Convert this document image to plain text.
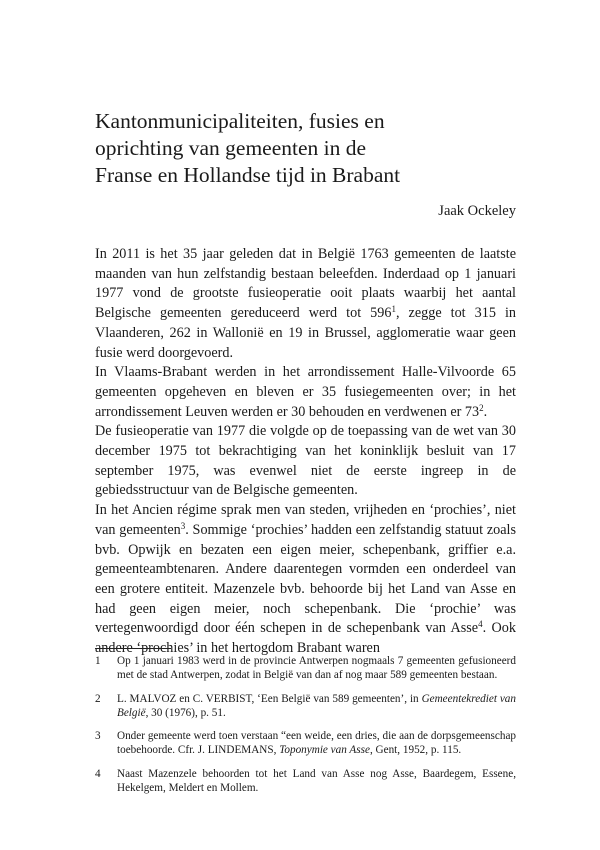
Kantonmunicipaliteiten, fusies en oprichting van gemeenten in de Franse en Hollandse tijd in Brabant
Jaak Ockeley

In 2011 is het 35 jaar geleden dat in België 1763 gemeenten de laatste maanden van hun zelfstandig bestaan beleefden. Inderdaad op 1 januari 1977 vond de grootste fusieoperatie ooit plaats waarbij het aantal Belgische gemeenten gereduceerd werd tot $596^1$, zegge tot 315 in Vlaanderen, 262 in Wallonië en 19 in Brussel, agglomeratie waar geen fusie werd doorgevoerd.

In Vlaams-Brabant werden in het arrondissement Halle-Vilvoorde 65 gemeenten opgeheven en bleven er 35 fusiegemeenten over; in het arrondissement Leuven werden er 30 behouden en verdwenen er $73^2$.

De fusieoperatie van 1977 die volgde op de toepassing van de wet van 30 december 1975 tot bekrachtiging van het koninklijk besluit van 17 september 1975, was evenwel niet de eerste ingreep in de gebiedsstructuur van de Belgische gemeenten.

In het Ancien régime sprak men van steden, vrijheden en ‘prochies’, niet van gemeenten$^3$. Sommige ‘prochies’ hadden een zelfstandig statuut zoals bvb. Opwijk en bezaten een eigen meier, schepenbank, griffier e.a. gemeenteambtenaren. Andere daarentegen vormden een onderdeel van een grotere entiteit. Mazenzele bvb. behoorde bij het Land van Asse en had geen eigen meier, noch schepenbank. Die ‘prochie’ was vertegenwoordigd door één schepen in de schepenbank van Asse$^4$. Ook andere ‘prochies’ in het hertogdom Brabant waren

1	Op 1 januari 1983 werd in de provincie Antwerpen nogmaals 7 gemeenten gefusioneerd met de stad Antwerpen, zodat in België van dan af nog maar 589 gemeenten bestaan.
2	L. MALVOZ en C. VERBIST, ‘Een België van 589 gemeenten’, in Gemeentekrediet van België, 30 (1976), p. 51.
3	Onder gemeente werd toen verstaan “een weide, een dries, die aan de dorpsgemeenschap toebehoorde. Cfr. J. LINDEMANS, Toponymie van Asse, Gent, 1952, p. 115.
4	Naast Mazenzele behoorden tot het Land van Asse nog Asse, Baardegem, Essene, Hekelgem, Meldert en Mollem.
